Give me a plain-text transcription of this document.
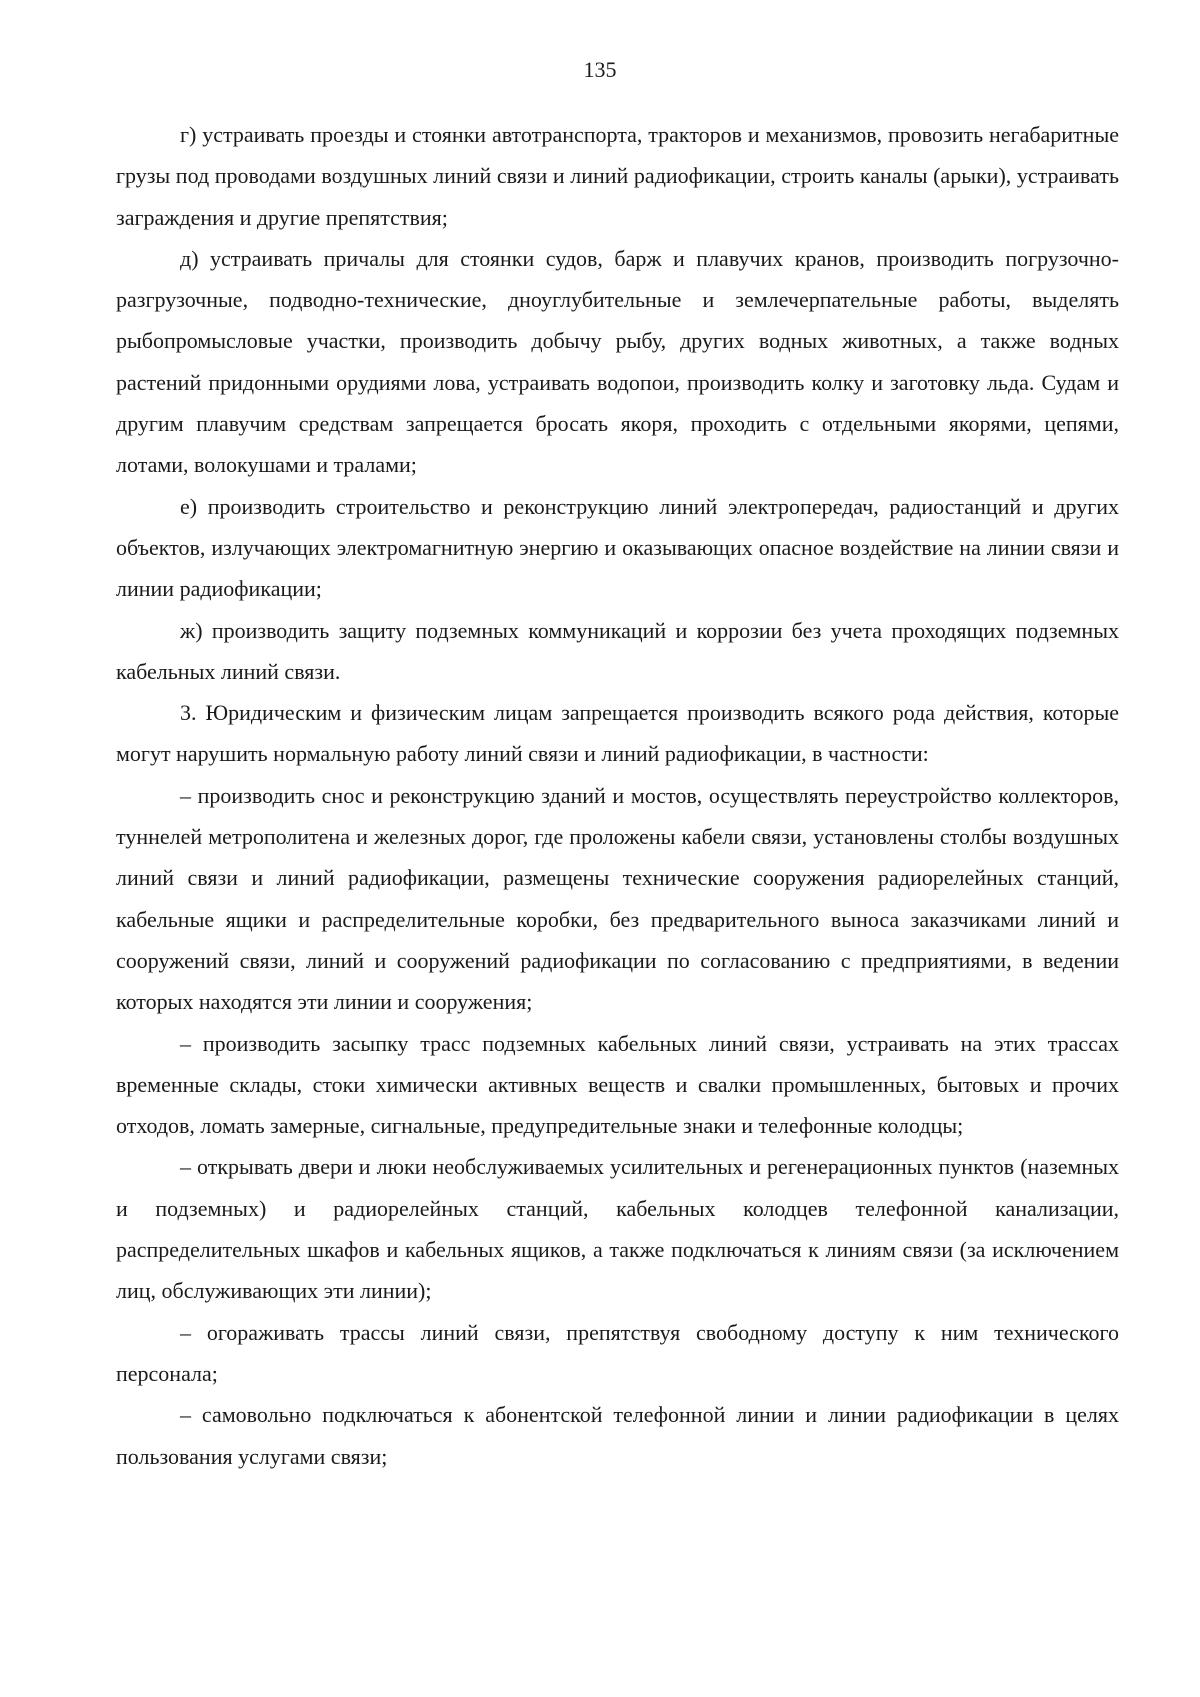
135

г) устраивать проезды и стоянки автотранспорта, тракторов и механизмов, провозить негабаритные грузы под проводами воздушных линий связи и линий радиофикации, строить каналы (арыки), устраивать заграждения и другие препятствия;

д) устраивать причалы для стоянки судов, барж и плавучих кранов, производить погрузочно-разгрузочные, подводно-технические, дноуглубительные и землечерпательные работы, выделять рыбопромысловые участки, производить добычу рыбу, других водных животных, а также водных растений придонными орудиями лова, устраивать водопои, производить колку и заготовку льда. Судам и другим плавучим средствам запрещается бросать якоря, проходить с отдельными якорями, цепями, лотами, волокушами и тралами;

е) производить строительство и реконструкцию линий электропередач, радиостанций и других объектов, излучающих электромагнитную энергию и оказывающих опасное воздействие на линии связи и линии радиофикации;

ж) производить защиту подземных коммуникаций и коррозии без учета проходящих подземных кабельных линий связи.

3. Юридическим и физическим лицам запрещается производить всякого рода действия, которые могут нарушить нормальную работу линий связи и линий радиофикации, в частности:

– производить снос и реконструкцию зданий и мостов, осуществлять переустройство коллекторов, туннелей метрополитена и железных дорог, где проложены кабели связи, установлены столбы воздушных линий связи и линий радиофикации, размещены технические сооружения радиорелейных станций, кабельные ящики и распределительные коробки, без предварительного выноса заказчиками линий и сооружений связи, линий и сооружений радиофикации по согласованию с предприятиями, в ведении которых находятся эти линии и сооружения;

– производить засыпку трасс подземных кабельных линий связи, устраивать на этих трассах временные склады, стоки химически активных веществ и свалки промышленных, бытовых и прочих отходов, ломать замерные, сигнальные, предупредительные знаки и телефонные колодцы;

– открывать двери и люки необслуживаемых усилительных и регенерационных пунктов (наземных и подземных) и радиорелейных станций, кабельных колодцев телефонной канализации, распределительных шкафов и кабельных ящиков, а также подключаться к линиям связи (за исключением лиц, обслуживающих эти линии);

– огораживать трассы линий связи, препятствуя свободному доступу к ним технического персонала;

– самовольно подключаться к абонентской телефонной линии и линии радиофикации в целях пользования услугами связи;
